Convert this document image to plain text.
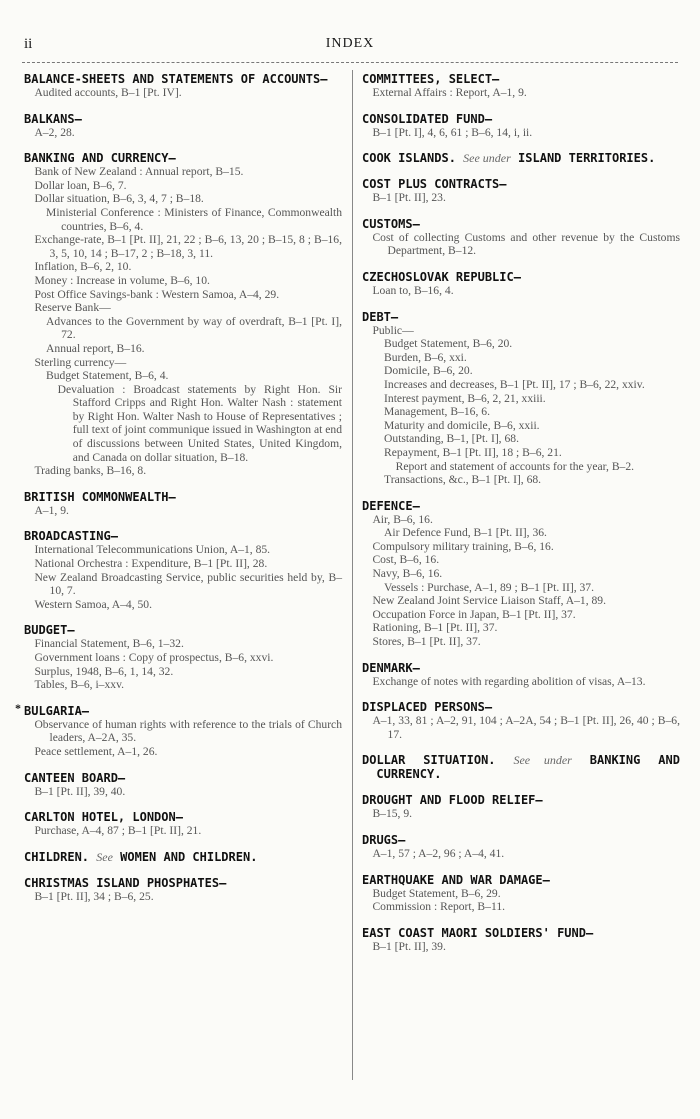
ii	INDEX
BALANCE-SHEETS AND STATEMENTS OF ACCOUNTS—
Audited accounts, B–1 [Pt. IV].
BALKANS—
A–2, 28.
BANKING AND CURRENCY—
Bank of New Zealand : Annual report, B–15.
Dollar loan, B–6, 7.
Dollar situation, B–6, 3, 4, 7 ; B–18.
Ministerial Conference : Ministers of Finance, Commonwealth countries, B–6, 4.
Exchange-rate, B–1 [Pt. II], 21, 22 ; B–6, 13, 20 ; B–15, 8 ; B–16, 3, 5, 10, 14 ; B–17, 2 ; B–18, 3, 11.
Inflation, B–6, 2, 10.
Money : Increase in volume, B–6, 10.
Post Office Savings-bank : Western Samoa, A–4, 29.
Reserve Bank—
Advances to the Government by way of overdraft, B–1 [Pt. I], 72.
Annual report, B–16.
Sterling currency—
Budget Statement, B–6, 4.
Devaluation : Broadcast statements by Right Hon. Sir Stafford Cripps and Right Hon. Walter Nash : statement by Right Hon. Walter Nash to House of Representatives ; full text of joint communique issued in Washington at end of discussions between United States, United Kingdom, and Canada on dollar situation, B–18.
Trading banks, B–16, 8.
BRITISH COMMONWEALTH—
A–1, 9.
BROADCASTING—
International Telecommunications Union, A–1, 85.
National Orchestra : Expenditure, B–1 [Pt. II], 28.
New Zealand Broadcasting Service, public securities held by, B–10, 7.
Western Samoa, A–4, 50.
BUDGET—
Financial Statement, B–6, 1–32.
Government loans : Copy of prospectus, B–6, xxvi.
Surplus, 1948, B–6, 1, 14, 32.
Tables, B–6, i–xxv.
* BULGARIA—
Observance of human rights with reference to the trials of Church leaders, A–2A, 35.
Peace settlement, A–1, 26.
CANTEEN BOARD—
B–1 [Pt. II], 39, 40.
CARLTON HOTEL, LONDON—
Purchase, A–4, 87 ; B–1 [Pt. II], 21.
CHILDREN. See WOMEN AND CHILDREN.
CHRISTMAS ISLAND PHOSPHATES—
B–1 [Pt. II], 34 ; B–6, 25.
COMMITTEES, SELECT—
External Affairs : Report, A–1, 9.
CONSOLIDATED FUND—
B–1 [Pt. I], 4, 6, 61 ; B–6, 14, i, ii.
COOK ISLANDS. See under ISLAND TERRITORIES.
COST PLUS CONTRACTS—
B–1 [Pt. II], 23.
CUSTOMS—
Cost of collecting Customs and other revenue by the Customs Department, B–12.
CZECHOSLOVAK REPUBLIC—
Loan to, B–16, 4.
DEBT—
Public—
Budget Statement, B–6, 20.
Burden, B–6, xxi.
Domicile, B–6, 20.
Increases and decreases, B–1 [Pt. II], 17 ; B–6, 22, xxiv.
Interest payment, B–6, 2, 21, xxiii.
Management, B–16, 6.
Maturity and domicile, B–6, xxii.
Outstanding, B–1, [Pt. I], 68.
Repayment, B–1 [Pt. II], 18 ; B–6, 21.
Report and statement of accounts for the year, B–2.
Transactions, &c., B–1 [Pt. I], 68.
DEFENCE—
Air, B–6, 16.
Air Defence Fund, B–1 [Pt. II], 36.
Compulsory military training, B–6, 16.
Cost, B–6, 16.
Navy, B–6, 16.
Vessels : Purchase, A–1, 89 ; B–1 [Pt. II], 37.
New Zealand Joint Service Liaison Staff, A–1, 89.
Occupation Force in Japan, B–1 [Pt. II], 37.
Rationing, B–1 [Pt. II], 37.
Stores, B–1 [Pt. II], 37.
DENMARK—
Exchange of notes with regarding abolition of visas, A–13.
DISPLACED PERSONS—
A–1, 33, 81 ; A–2, 91, 104 ; A–2A, 54 ; B–1 [Pt. II], 26, 40 ; B–6, 17.
DOLLAR SITUATION. See under BANKING AND CURRENCY.
DROUGHT AND FLOOD RELIEF—
B–15, 9.
DRUGS—
A–1, 57 ; A–2, 96 ; A–4, 41.
EARTHQUAKE AND WAR DAMAGE—
Budget Statement, B–6, 29.
Commission : Report, B–11.
EAST COAST MAORI SOLDIERS' FUND—
B–1 [Pt. II], 39.
